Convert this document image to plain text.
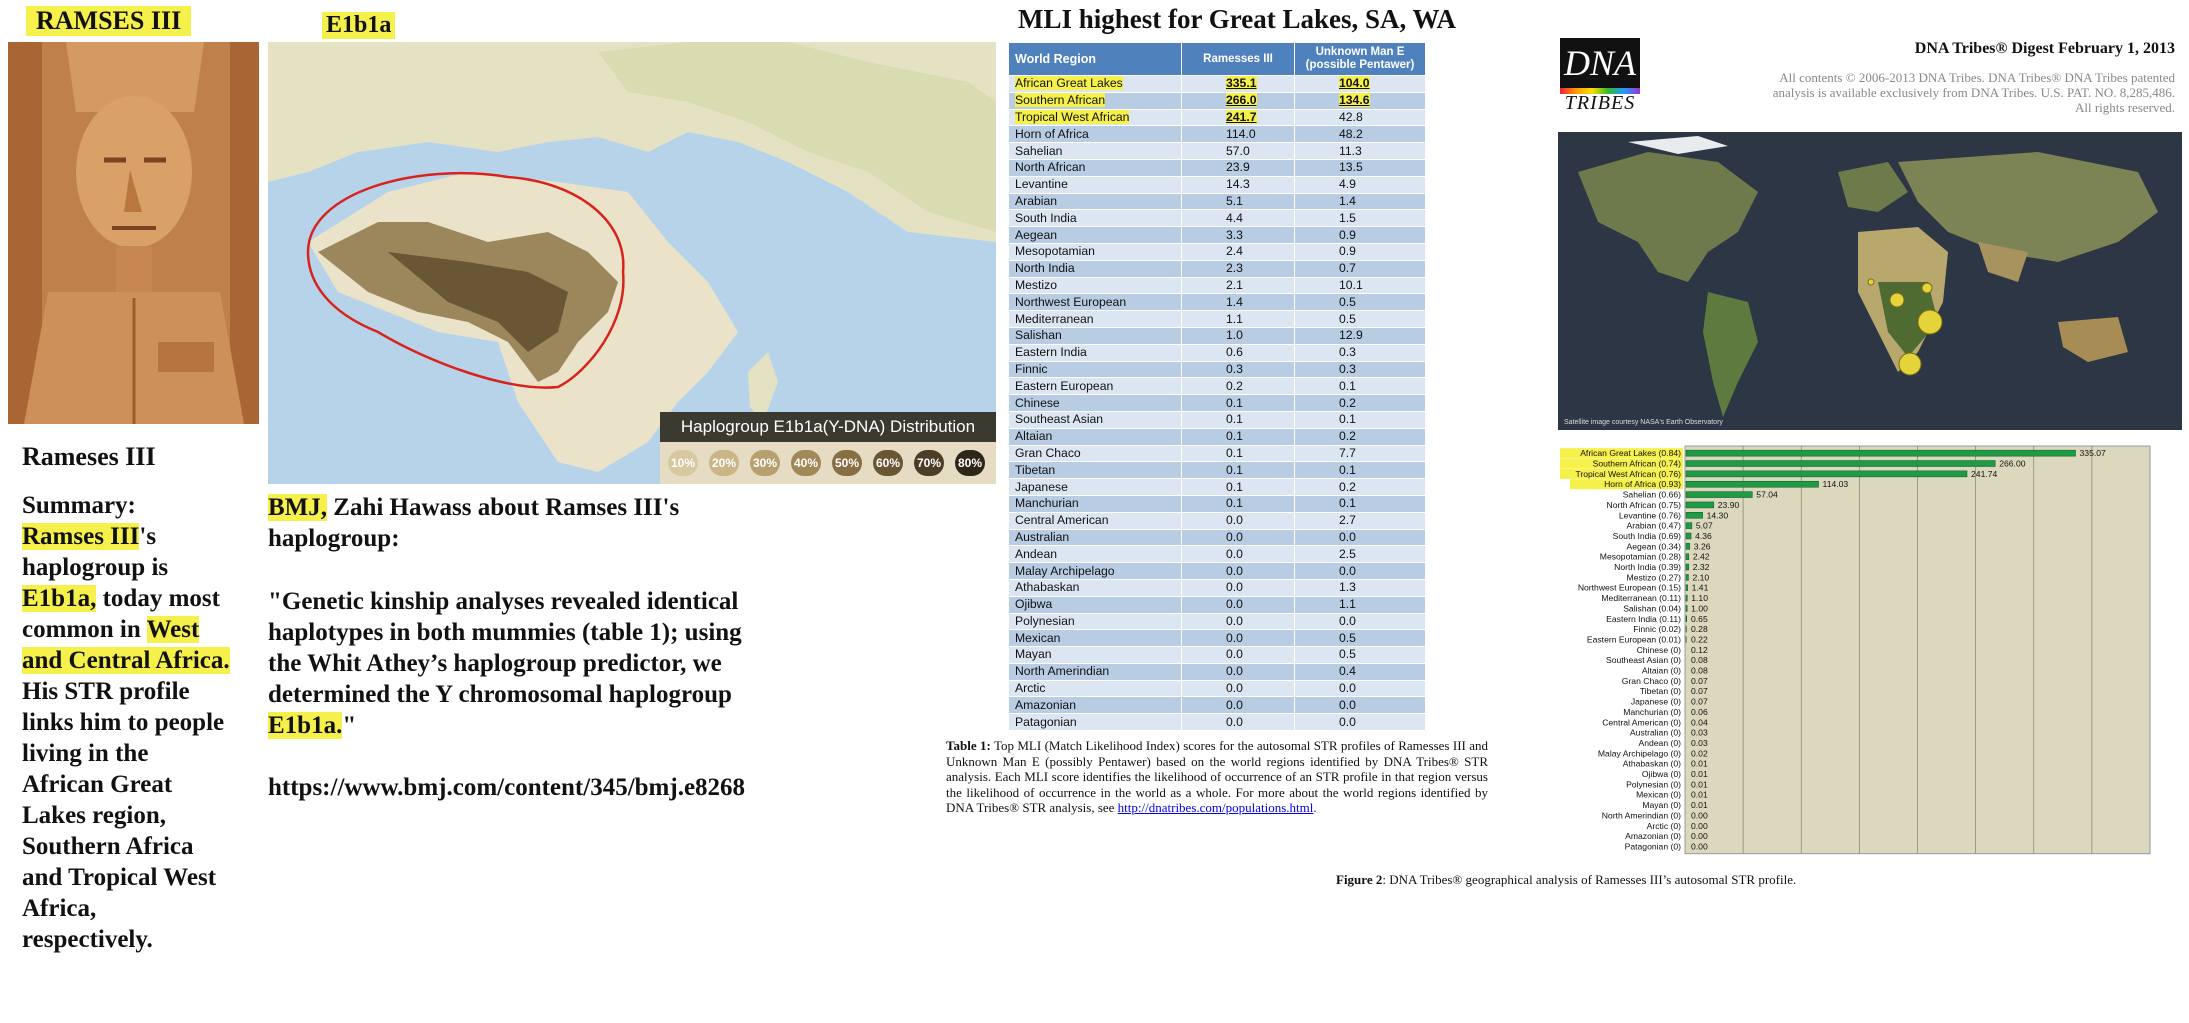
RAMSES III
Rameses III
Summary:
Ramses III's haplogroup is E1b1a, today most common in West and Central Africa. His STR profile links him to people living in the African Great Lakes region, Southern Africa and Tropical West Africa, respectively.
E1b1a
Haplogroup E1b1a(Y-DNA) Distribution
10% 20% 30% 40% 50% 60% 70% 80%
BMJ, Zahi Hawass about Ramses III's haplogroup:
"Genetic kinship analyses revealed identical haplotypes in both mummies (table 1); using the Whit Athey’s haplogroup predictor, we determined the Y chromosomal haplogroup E1b1a."
https://www.bmj.com/content/345/bmj.e8268
MLI highest for Great Lakes, SA, WA
World Region	Ramesses III	Unknown Man E (possible Pentawer)
African Great Lakes	335.1	104.0
Southern African	266.0	134.6
Tropical West African	241.7	42.8
Horn of Africa	114.0	48.2
Sahelian	57.0	11.3
North African	23.9	13.5
Levantine	14.3	4.9
Arabian	5.1	1.4
South India	4.4	1.5
Aegean	3.3	0.9
Mesopotamian	2.4	0.9
North India	2.3	0.7
Mestizo	2.1	10.1
Northwest European	1.4	0.5
Mediterranean	1.1	0.5
Salishan	1.0	12.9
Eastern India	0.6	0.3
Finnic	0.3	0.3
Eastern European	0.2	0.1
Chinese	0.1	0.2
Southeast Asian	0.1	0.1
Altaian	0.1	0.2
Gran Chaco	0.1	7.7
Tibetan	0.1	0.1
Japanese	0.1	0.2
Manchurian	0.1	0.1
Central American	0.0	2.7
Australian	0.0	0.0
Andean	0.0	2.5
Malay Archipelago	0.0	0.0
Athabaskan	0.0	1.3
Ojibwa	0.0	1.1
Polynesian	0.0	0.0
Mexican	0.0	0.5
Mayan	0.0	0.5
North Amerindian	0.0	0.4
Arctic	0.0	0.0
Amazonian	0.0	0.0
Patagonian	0.0	0.0
Table 1: Top MLI (Match Likelihood Index) scores for the autosomal STR profiles of Ramesses III and Unknown Man E (possibly Pentawer) based on the world regions identified by DNA Tribes® STR analysis. Each MLI score identifies the likelihood of occurrence of an STR profile in that region versus the likelihood of occurrence in the world as a whole. For more about the world regions identified by DNA Tribes® STR analysis, see http://dnatribes.com/populations.html.
DNA
TRIBES
DNA Tribes® Digest February 1, 2013
All contents © 2006-2013 DNA Tribes. DNA Tribes® DNA Tribes patented analysis is available exclusively from DNA Tribes. U.S. PAT. NO. 8,285,486. All rights reserved.
Satellite image courtesy NASA's Earth Observatory
African Great Lakes (0.84)	335.07
Southern African (0.74)	266.00
Tropical West African (0.76)	241.74
Horn of Africa (0.93)	114.03
Sahelian (0.66)	57.04
North African (0.75)	23.90
Levantine (0.76)	14.30
Arabian (0.47) 5.07
South India (0.69) 4.36
Aegean (0.34) 3.26
Mesopotamian (0.28) 2.42
North India (0.39) 2.32
Mestizo (0.27) 2.10
Northwest European (0.15) 1.41
Mediterranean (0.11) 1.10
Salishan (0.04) 1.00
Eastern India (0.11) 0.65
Finnic (0.02) 0.28
Eastern European (0.01) 0.22
Chinese (0) 0.12
Southeast Asian (0) 0.08
Altaian (0) 0.08
Gran Chaco (0) 0.07
Tibetan (0) 0.07
Japanese (0) 0.07
Manchurian (0) 0.06
Central American (0) 0.04
Australian (0) 0.03
Andean (0) 0.03
Malay Archipelago (0) 0.02
Athabaskan (0) 0.01
Ojibwa (0) 0.01
Polynesian (0) 0.01
Mexican (0) 0.01
Mayan (0) 0.01
North Amerindian (0) 0.00
Arctic (0) 0.00
Amazonian (0) 0.00
Patagonian (0) 0.00
Figure 2: DNA Tribes® geographical analysis of Ramesses III’s autosomal STR profile.
